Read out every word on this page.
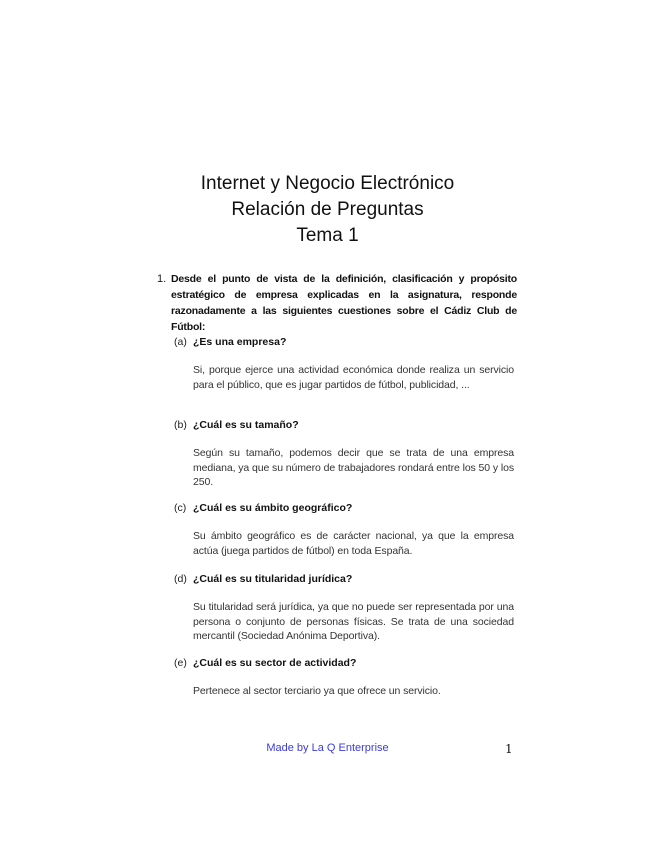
Internet y Negocio Electrónico
Relación de Preguntas
Tema 1
1. Desde el punto de vista de la definición, clasificación y propósito estratégico de empresa explicadas en la asignatura, responde razonadamente a las siguientes cuestiones sobre el Cádiz Club de Fútbol:
(a) ¿Es una empresa?
Si, porque ejerce una actividad económica donde realiza un servicio para el público, que es jugar partidos de fútbol, publicidad, ...
(b) ¿Cuál es su tamaño?
Según su tamaño, podemos decir que se trata de una empresa mediana, ya que su número de trabajadores rondará entre los 50 y los 250.
(c) ¿Cuál es su ámbito geográfico?
Su ámbito geográfico es de carácter nacional, ya que la empresa actúa (juega partidos de fútbol) en toda España.
(d) ¿Cuál es su titularidad jurídica?
Su titularidad será jurídica, ya que no puede ser representada por una persona o conjunto de personas físicas. Se trata de una sociedad mercantil (Sociedad Anónima Deportiva).
(e) ¿Cuál es su sector de actividad?
Pertenece al sector terciario ya que ofrece un servicio.
Made by La Q Enterprise	1
